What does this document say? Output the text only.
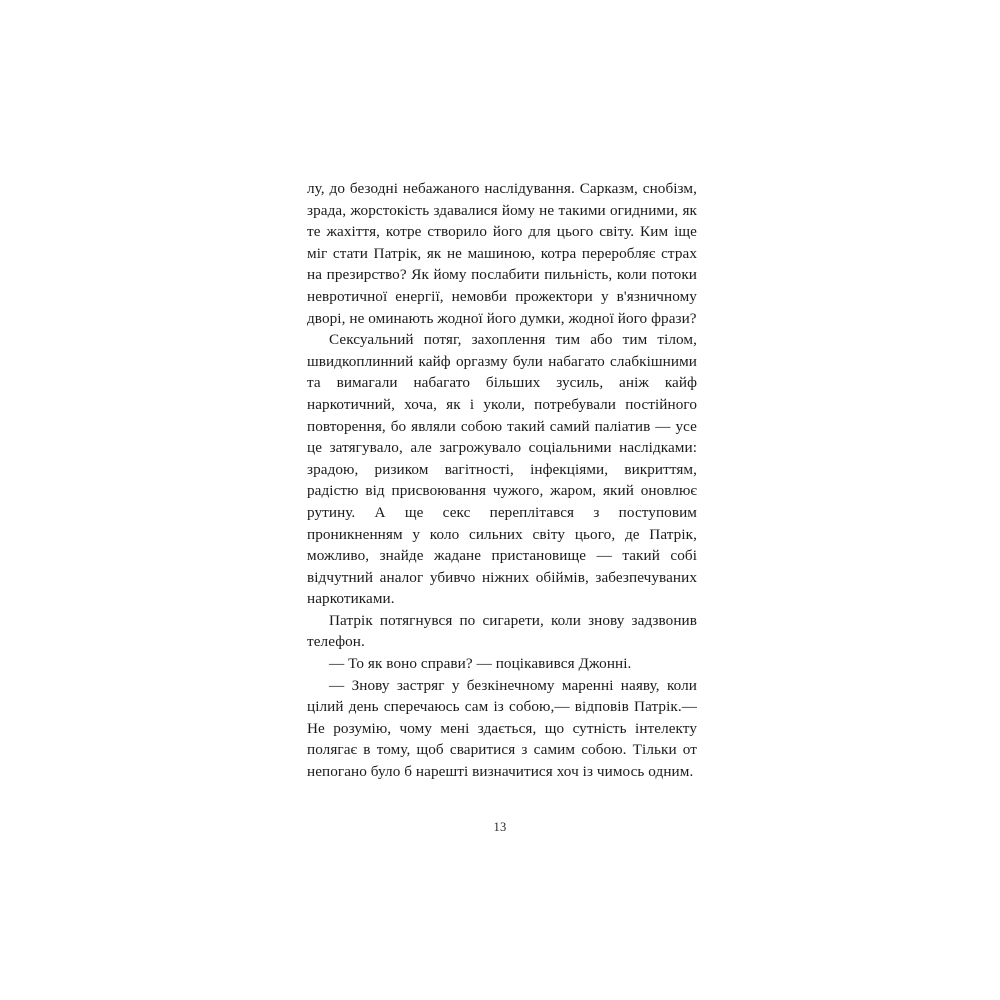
лу, до безодні небажаного наслідування. Сарказм, снобізм, зрада, жорстокість здавалися йому не такими огидними, як те жахіття, котре створило його для цього світу. Ким іще міг стати Патрік, як не машиною, котра переробляє страх на презирство? Як йому послабити пильність, коли потоки невротичної енергії, немовби прожектори у в'язничному дворі, не оминають жодної його думки, жодної його фрази?

Сексуальний потяг, захоплення тим або тим тілом, швидкоплинний кайф оргазму були набагато слабкішними та вимагали набагато більших зусиль, аніж кайф наркотичний, хоча, як і уколи, потребували постійного повторення, бо являли собою такий самий паліатив — усе це затягувало, але загрожувало соціальними наслідками: зрадою, ризиком вагітності, інфекціями, викриттям, радістю від присвоювання чужого, жаром, який оновлює рутину. А ще секс переплітався з поступовим проникненням у коло сильних світу цього, де Патрік, можливо, знайде жадане пристановище — такий собі відчутний аналог убивчо ніжних обіймів, забезпечуваних наркотиками.

Патрік потягнувся по сигарети, коли знову задзвонив телефон.

— То як воно справи? — поцікавився Джонні.

— Знову застряг у безкінечному маренні наяву, коли цілий день сперечаюсь сам із собою,— відповів Патрік.— Не розумію, чому мені здається, що сутність інтелекту полягає в тому, щоб сваритися з самим собою. Тільки от непогано було б нарешті визначитися хоч із чимось одним.

13
